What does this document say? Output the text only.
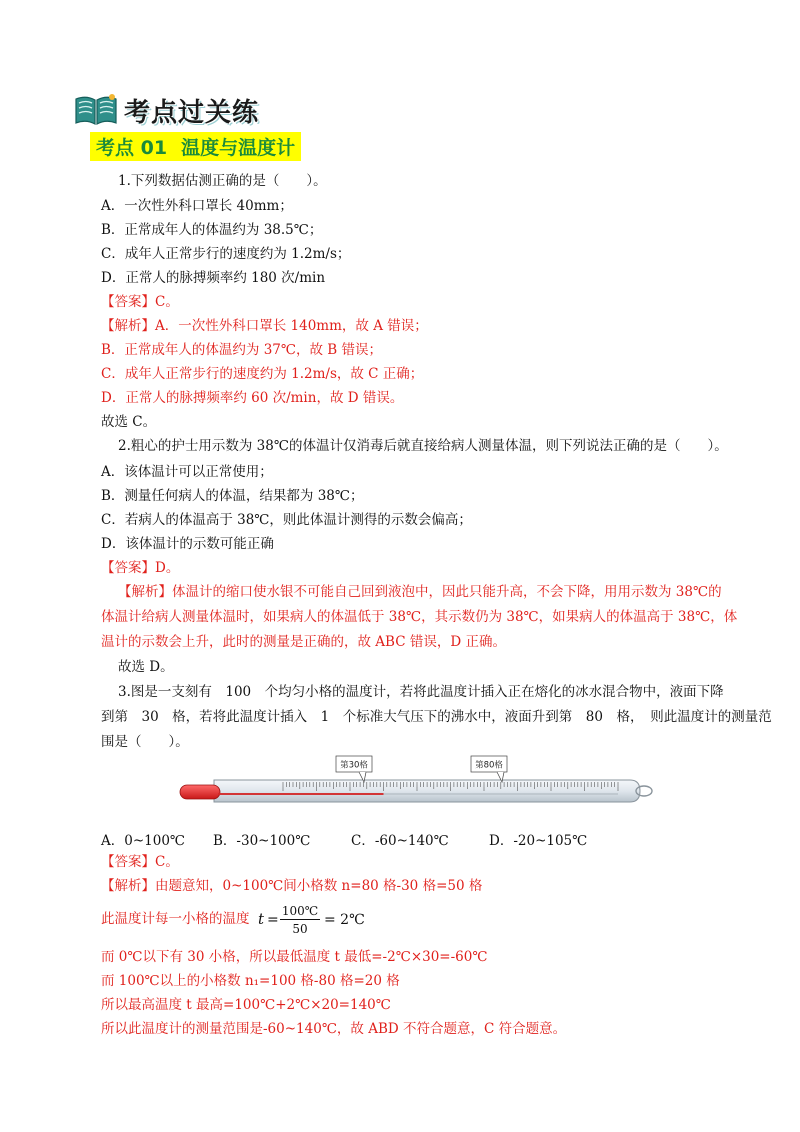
考点过关练
考点 01 温度与温度计
1.下列数据估测正确的是（　　）。
A．一次性外科口罩长 40mm；
B．正常成年人的体温约为 38.5℃；
C．成年人正常步行的速度约为 1.2m/s；
D．正常人的脉搏频率约 180 次/min
【答案】C。
【解析】A．一次性外科口罩长 140mm，故 A 错误；
B．正常成年人的体温约为 37℃，故 B 错误；
C．成年人正常步行的速度约为 1.2m/s，故 C 正确；
D．正常人的脉搏频率约 60 次/min，故 D 错误。
故选 C。
2.粗心的护士用示数为 38℃的体温计仅消毒后就直接给病人测量体温，则下列说法正确的是（　　）。
A．该体温计可以正常使用；
B．测量任何病人的体温，结果都为 38℃；
C．若病人的体温高于 38℃，则此体温计测得的示数会偏高；
D．该体温计的示数可能正确
【答案】D。
【解析】体温计的缩口使水银不可能自己回到液泡中，因此只能升高，不会下降，用用示数为 38℃的
体温计给病人测量体温时，如果病人的体温低于 38℃，其示数仍为 38℃，如果病人的体温高于 38℃，体
温计的示数会上升，此时的测量是正确的，故 ABC 错误，D 正确。
故选 D。
3.图是一支刻有　100　个均匀小格的温度计，若将此温度计插入正在熔化的冰水混合物中，液面下降
到第　30　格，若将此温度计插入　1　个标准大气压下的沸水中，液面升到第　80　格，　则此温度计的测量范
围是（　　）。
第30格	第80格
A．0~100℃ B．-30~100℃	C．-60~140℃	D．-20~105℃
【答案】C。
【解析】由题意知，0~100℃间小格数 n=80 格-30 格=50 格
此温度计每一小格的温度 t =
100℃
50
= 2℃
而 0℃以下有 30 小格，所以最低温度 t 最低=-2℃×30=-60℃
而 100℃以上的小格数 n₁=100 格-80 格=20 格
所以最高温度 t 最高=100℃+2℃×20=140℃
所以此温度计的测量范围是-60~140℃，故 ABD 不符合题意，C 符合题意。
